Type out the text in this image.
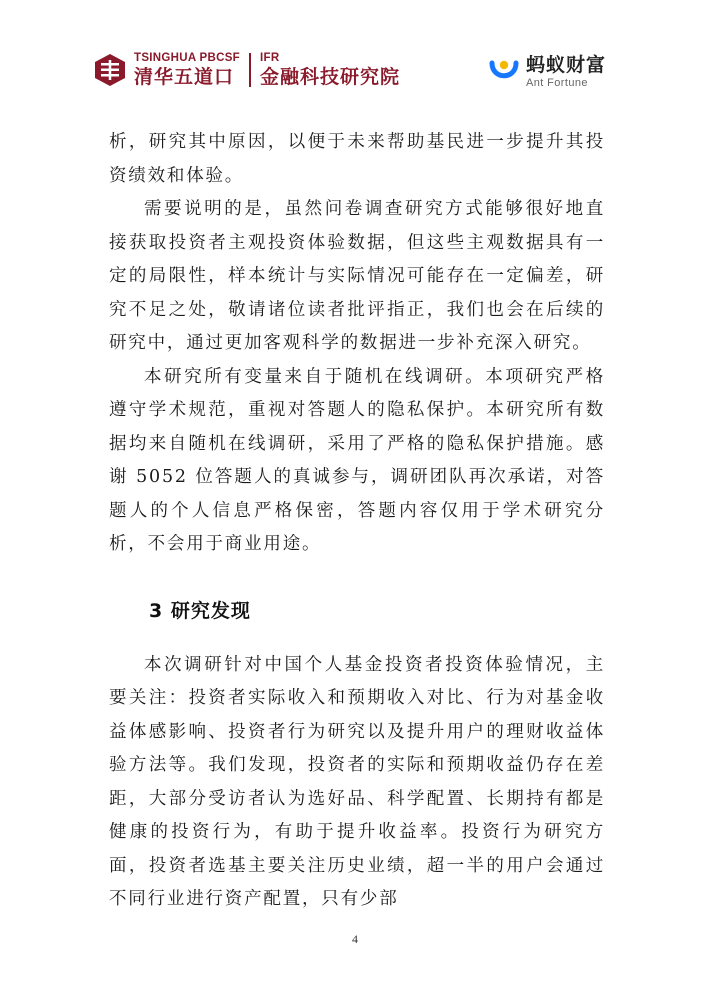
TSINGHUA PBCSF
清华五道口
IFR
金融科技研究院
蚂蚁财富
Ant Fortune

析，研究其中原因，以便于未来帮助基民进一步提升其投资绩效和体验。

需要说明的是，虽然问卷调查研究方式能够很好地直接获取投资者主观投资体验数据，但这些主观数据具有一定的局限性，样本统计与实际情况可能存在一定偏差，研究不足之处，敬请诸位读者批评指正，我们也会在后续的研究中，通过更加客观科学的数据进一步补充深入研究。

本研究所有变量来自于随机在线调研。本项研究严格遵守学术规范，重视对答题人的隐私保护。本研究所有数据均来自随机在线调研，采用了严格的隐私保护措施。感谢 5052 位答题人的真诚参与，调研团队再次承诺，对答题人的个人信息严格保密，答题内容仅用于学术研究分析，不会用于商业用途。

3 研究发现

本次调研针对中国个人基金投资者投资体验情况，主要关注：投资者实际收入和预期收入对比、行为对基金收益体感影响、投资者行为研究以及提升用户的理财收益体验方法等。我们发现，投资者的实际和预期收益仍存在差距，大部分受访者认为选好品、科学配置、长期持有都是健康的投资行为，有助于提升收益率。投资行为研究方面，投资者选基主要关注历史业绩，超一半的用户会通过不同行业进行资产配置，只有少部

4
